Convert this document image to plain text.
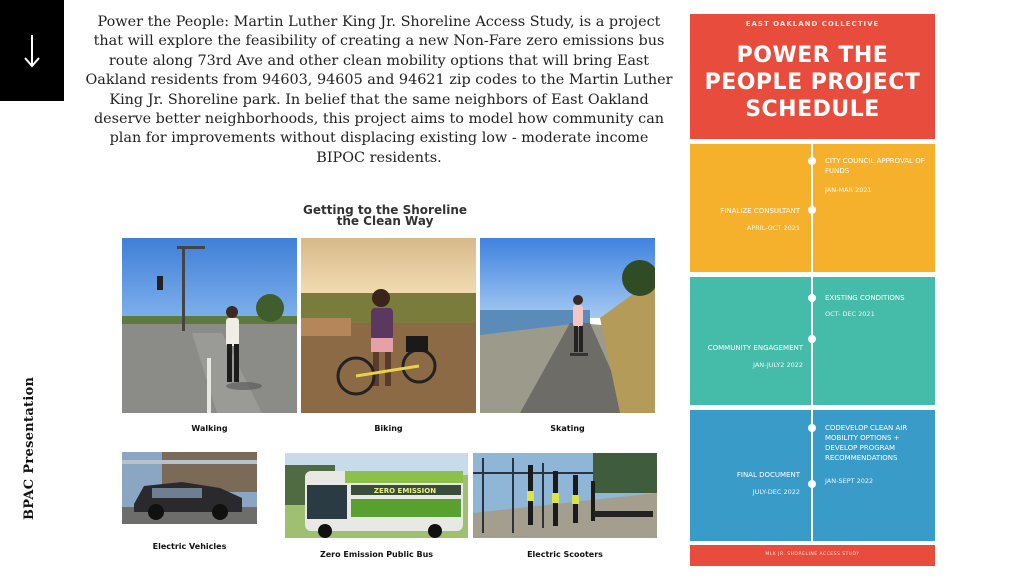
BPAC Presentation
Power the People: Martin Luther King Jr. Shoreline Access Study, is a project that will explore the feasibility of creating a new Non-Fare zero emissions bus route along 73rd Ave and other clean mobility options that will bring East Oakland residents from 94603, 94605 and 94621 zip codes to the Martin Luther King Jr. Shoreline park. In belief that the same neighbors of East Oakland deserve better neighborhoods, this project aims to model how community can plan for improvements without displacing existing low - moderate income BIPOC residents.
Getting to the Shoreline
the Clean Way
Walking	Biking	Skating
Electric Vehicles
ZERO EMISSION
Zero Emission Public Bus	Electric Scooters
EAST OAKLAND COLLECTIVE
POWER THE
PEOPLE PROJECT
SCHEDULE
CITY COUNCIL APPROVAL OF FUNDS
JAN-MAR 2021
FINALIZE CONSULTANT
APRIL-OCT 2021
EXISTING CONDITIONS
OCT- DEC 2021
COMMUNITY ENGAGEMENT
JAN-JULY2 2022
CODEVELOP CLEAN AIR MOBILITY OPTIONS + DEVELOP PROGRAM RECOMMENDATIONS
JAN-SEPT 2022
FINAL DOCUMENT
JULY-DEC 2022
MLK JR. SHORELINE ACCESS STUDY
